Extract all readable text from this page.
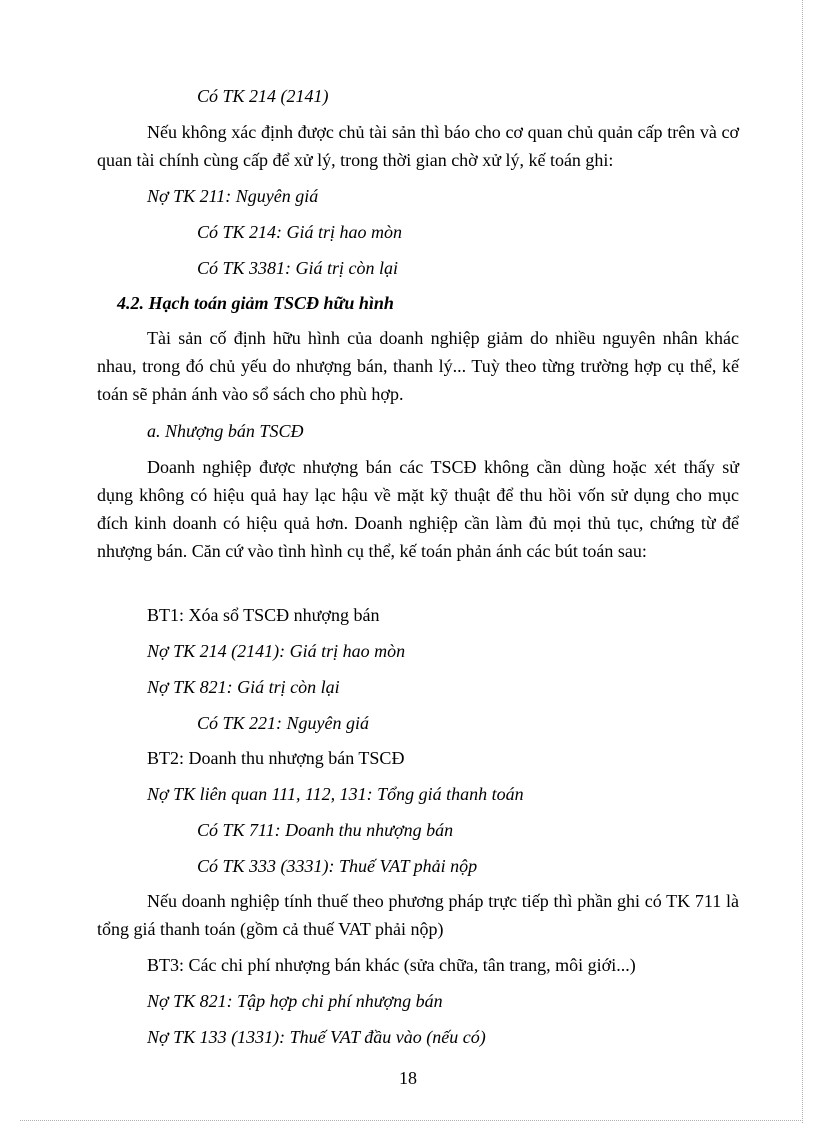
Có TK 214 (2141)
Nếu không xác định được chủ tài sản thì báo cho cơ quan chủ quản cấp trên và cơ quan tài chính cùng cấp để xử lý, trong thời gian chờ xử lý, kế toán ghi:
Nợ TK 211: Nguyên giá
Có TK 214: Giá trị hao mòn
Có TK 3381: Giá trị còn lại
4.2. Hạch toán giảm TSCĐ hữu hình
Tài sản cố định hữu hình của doanh nghiệp giảm do nhiều nguyên nhân khác nhau, trong đó chủ yếu do nhượng bán, thanh lý... Tuỳ theo từng trường hợp cụ thể, kế toán sẽ phản ánh vào sổ sách cho phù hợp.
a. Nhượng bán TSCĐ
Doanh nghiệp được nhượng bán các TSCĐ không cần dùng hoặc xét thấy sử dụng không có hiệu quả hay lạc hậu về mặt kỹ thuật để thu hồi vốn sử dụng cho mục đích kinh doanh có hiệu quả hơn. Doanh nghiệp cần làm đủ mọi thủ tục, chứng từ để nhượng bán. Căn cứ vào tình hình cụ thể, kế toán phản ánh các bút toán sau:
BT1: Xóa sổ TSCĐ nhượng bán
Nợ TK 214 (2141): Giá trị hao mòn
Nợ TK 821: Giá trị còn lại
Có TK 221: Nguyên giá
BT2: Doanh thu nhượng bán TSCĐ
Nợ TK liên quan 111, 112, 131: Tổng giá thanh toán
Có TK 711: Doanh thu nhượng bán
Có TK 333 (3331): Thuế VAT phải nộp
Nếu doanh nghiệp tính thuế theo phương pháp trực tiếp thì phần ghi có TK 711 là tổng giá thanh toán (gồm cả thuế VAT phải nộp)
BT3: Các chi phí nhượng bán khác (sửa chữa, tân trang, môi giới...)
Nợ TK 821: Tập hợp chi phí nhượng bán
Nợ TK 133 (1331): Thuế VAT đầu vào (nếu có)
18
